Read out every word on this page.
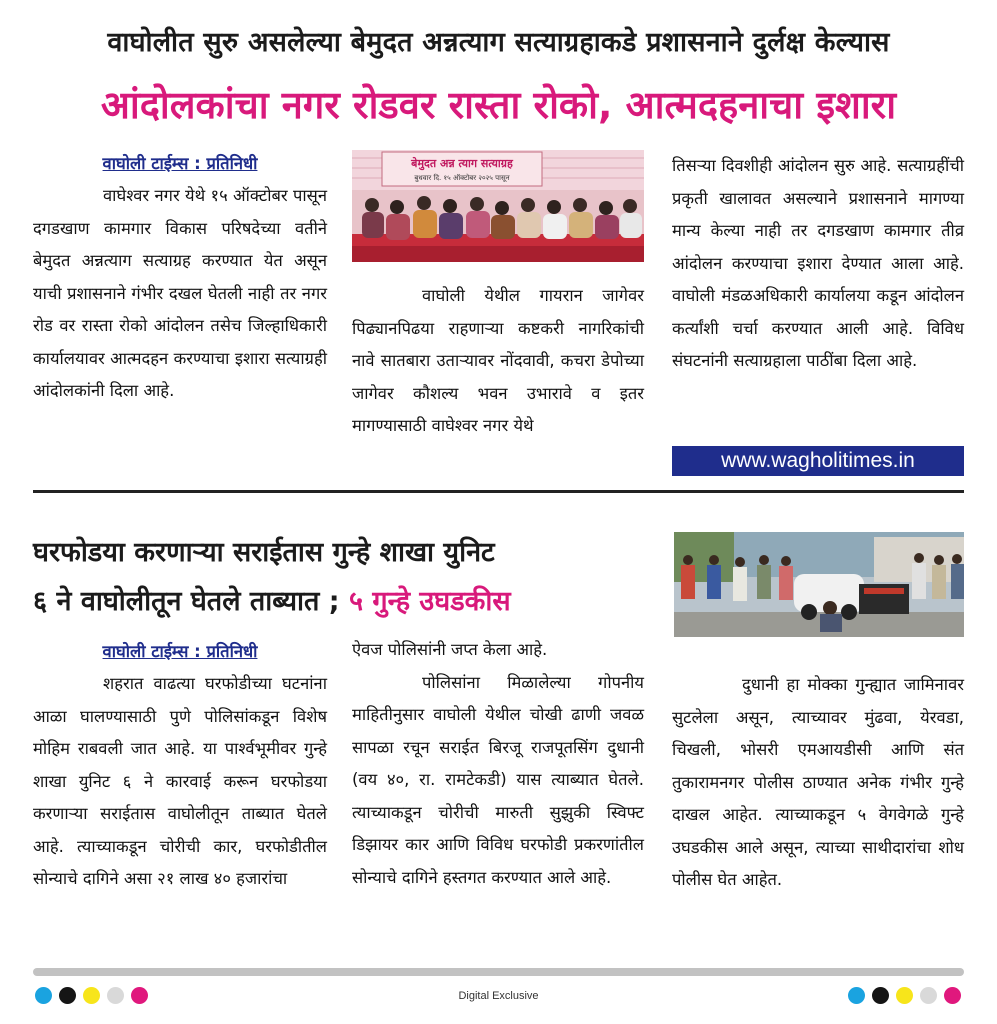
वाघोलीत सुरु असलेल्या बेमुदत अन्नत्याग सत्याग्रहाकडे प्रशासनाने दुर्लक्ष केल्यास
आंदोलकांचा नगर रोडवर रास्ता रोको, आत्मदहनाचा इशारा
वाघोली टाईम्स : प्रतिनिधी

वाघेश्वर नगर येथे १५ ऑक्टोबर पासून दगडखाण कामगार विकास परिषदेच्या वतीने बेमुदत अन्नत्याग सत्याग्रह करण्यात येत असून याची प्रशासनाने गंभीर दखल घेतली नाही तर नगर रोड वर रास्ता रोको आंदोलन तसेच जिल्हाधिकारी कार्यालयावर आत्मदहन करण्याचा इशारा सत्याग्रही आंदोलकांनी दिला आहे.

बेमुदत अन्न त्याग सत्याग्रह
बुधवार दि. १५ ऑक्टोबर २०२५ पासून

वाघोली येथील गायरान जागेवर पिढ्यानपिढया राहणाऱ्या कष्टकरी नागरिकांची नावे सातबारा उताऱ्यावर नोंदवावी, कचरा डेपोच्या जागेवर कौशल्य भवन उभारावे व इतर मागण्यासाठी वाघेश्वर नगर येथे

तिसऱ्या दिवशीही आंदोलन सुरु आहे. सत्याग्रहींची प्रकृती खालावत असल्याने प्रशासनाने मागण्या मान्य केल्या नाही तर दगडखाण कामगार तीव्र आंदोलन करण्याचा इशारा देण्यात आला आहे. वाघोली मंडळअधिकारी कार्यालया कडून आंदोलन कर्त्यांशी चर्चा करण्यात आली आहे. विविध संघटनांनी सत्याग्रहाला पाठींबा दिला आहे.

www.wagholitimes.in
घरफोडया करणाऱ्या सराईतास गुन्हे शाखा युनिट
६ ने वाघोलीतून घेतले ताब्यात ; ५ गुन्हे उघडकीस
वाघोली टाईम्स : प्रतिनिधी

शहरात वाढत्या घरफोडीच्या घटनांना आळा घालण्यासाठी पुणे पोलिसांकडून विशेष मोहिम राबवली जात आहे. या पार्श्वभूमीवर गुन्हे शाखा युनिट ६ ने कारवाई करून घरफोडया करणाऱ्या सराईतास वाघोलीतून ताब्यात घेतले आहे. त्याच्याकडून चोरीची कार, घरफोडीतील सोन्याचे दागिने असा २१ लाख ४० हजारांचा

ऐवज पोलिसांनी जप्त केला आहे.

पोलिसांना मिळालेल्या गोपनीय माहितीनुसार वाघोली येथील चोखी ढाणी जवळ सापळा रचून सराईत बिरजू राजपूतसिंग दुधानी (वय ४०, रा. रामटेकडी) यास त्याब्यात घेतले. त्याच्याकडून चोरीची मारुती सुझुकी स्विफ्ट डिझायर कार आणि विविध घरफोडी प्रकरणांतील सोन्याचे दागिने हस्तगत करण्यात आले आहे.

दुधानी हा मोक्का गुन्ह्यात जामिनावर सुटलेला असून, त्याच्यावर मुंढवा, येरवडा, चिखली, भोसरी एमआयडीसी आणि संत तुकारामनगर पोलीस ठाण्यात अनेक गंभीर गुन्हे दाखल आहेत. त्याच्याकडून ५ वेगवेगळे गुन्हे उघडकीस आले असून, त्याच्या साथीदारांचा शोध पोलीस घेत आहेत.

Digital Exclusive
